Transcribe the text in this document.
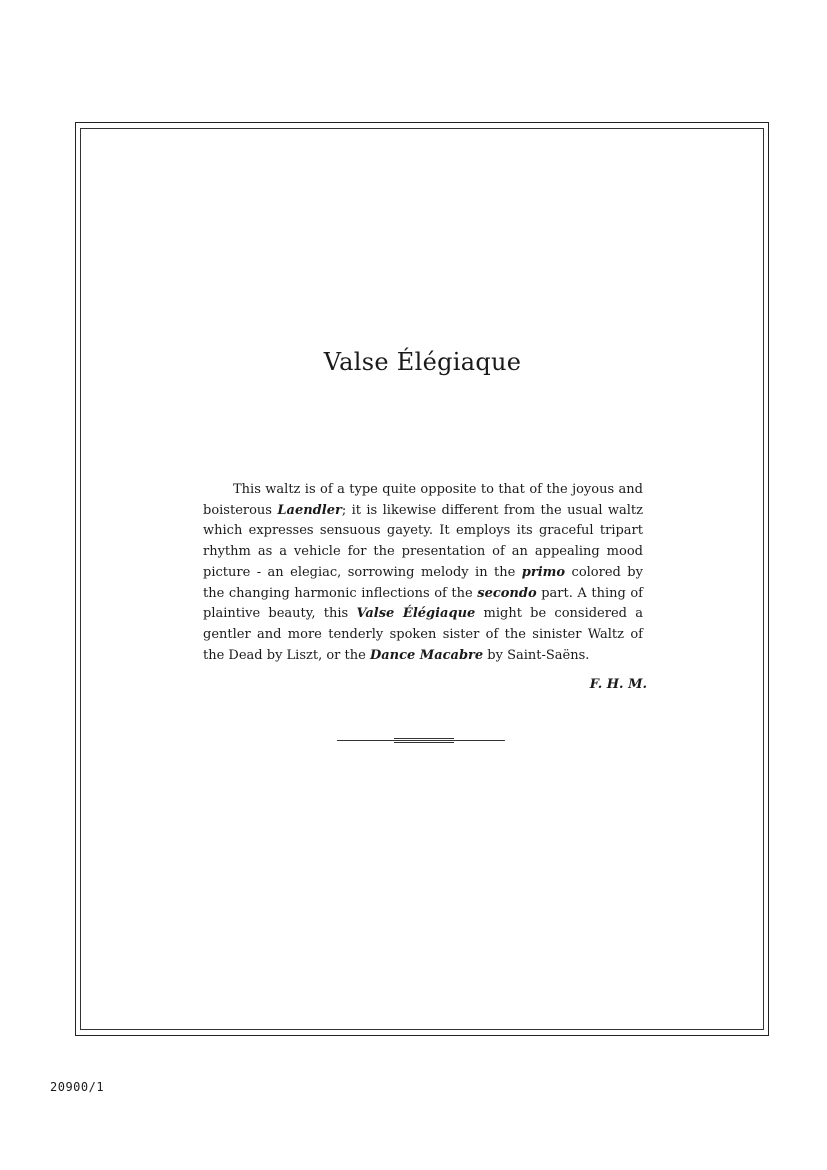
Valse Élégiaque

This waltz is of a type quite opposite to that of the joyous and boisterous Laendler; it is likewise different from the usual waltz which expresses sensuous gayety. It employs its graceful tripart rhythm as a vehicle for the presentation of an appealing mood picture - an elegiac, sorrowing melody in the primo colored by the changing harmonic inflections of the secondo part. A thing of plaintive beauty, this Valse Élégiaque might be considered a gentler and more tenderly spoken sister of the sinister Waltz of the Dead by Liszt, or the Dance Macabre by Saint-Saëns.

F. H. M.
20900/1
